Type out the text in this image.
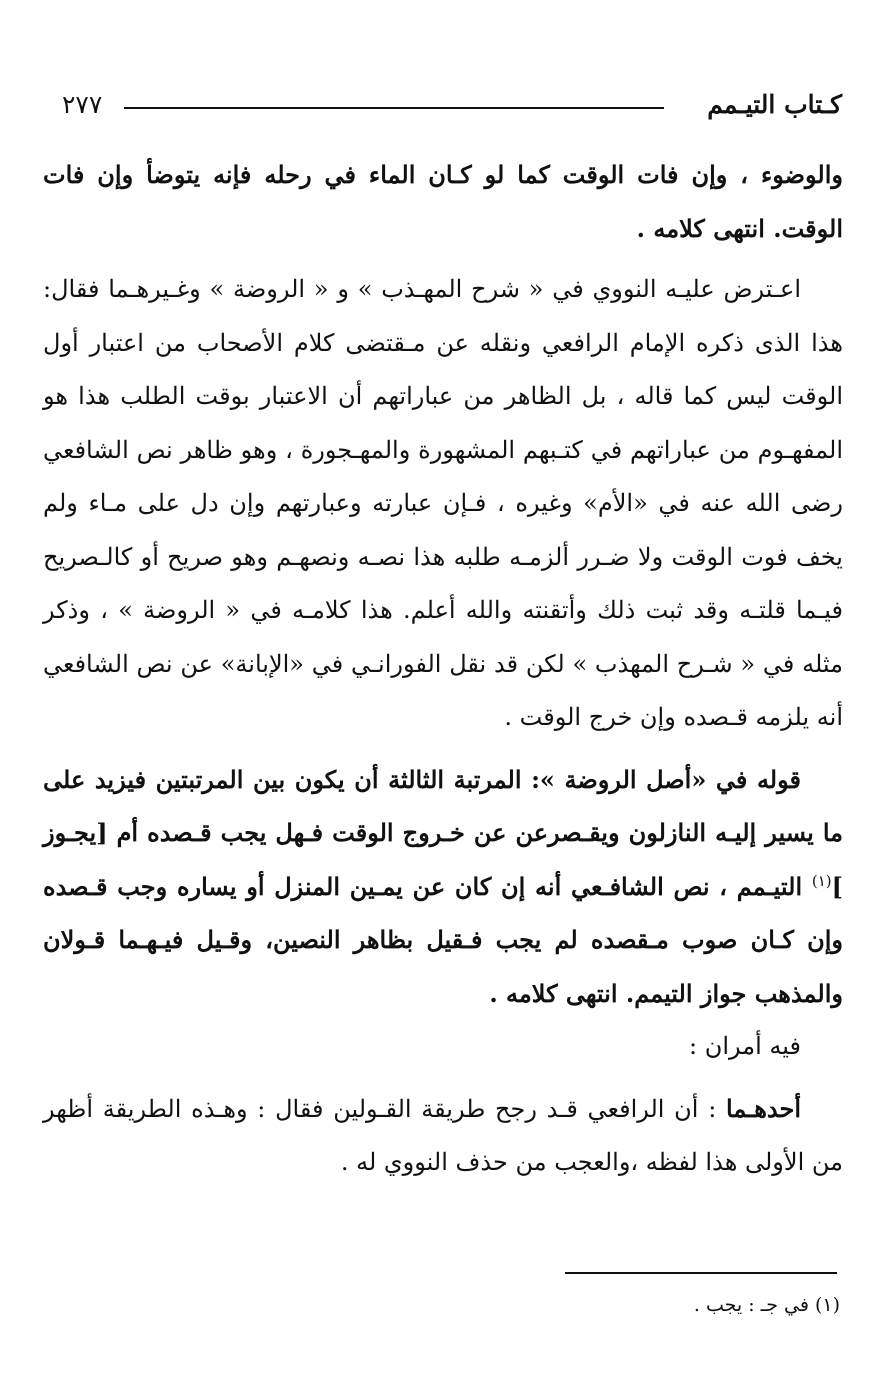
كـتاب التيـمم
٢٧٧

والوضوء ، وإن فات الوقت كما لو كـان الماء في رحله فإنه يتوضأ وإن فات الوقت. انتهى كلامه .

اعـترض عليـه النووي في « شرح المهـذب » و « الروضة » وغـيرهـما فقال: هذا الذى ذكره الإمام الرافعي ونقله عن مـقتضى كلام الأصحاب من اعتبار أول الوقت ليس كما قاله ، بل الظاهر من عباراتهم أن الاعتبار بوقت الطلب هذا هو المفهـوم من عباراتهم في كتـبهم المشهورة والمهـجورة ، وهو ظاهر نص الشافعي رضى الله عنه في «الأم» وغيره ، فـإن عبارته وعبارتهم وإن دل على مـاء ولم يخف فوت الوقت ولا ضـرر ألزمـه طلبه هذا نصـه ونصهـم وهو صريح أو كالـصريح فيـما قلتـه وقد ثبت ذلك وأتقنته والله أعلم. هذا كلامـه في « الروضة » ، وذكر مثله في « شـرح المهذب » لكن قد نقل الفورانـي في «الإبانة» عن نص الشافعي أنه يلزمه قـصده وإن خرج الوقت .

قوله في «أصل الروضة »: المرتبة الثالثة أن يكون بين المرتبتين فيزيد على ما يسير إليـه النازلون ويقـصرعن عن خـروج الوقت فـهل يجب قـصده أم [يجـوز ]$^{(١)}$ التيـمم ، نص الشافـعي أنه إن كان عن يمـين المنزل أو يساره وجب قـصده وإن كـان صوب مـقصده لم يجب فـقيل بظاهر النصين، وقـيل فيـهـما قـولان والمذهب جواز التيمم. انتهى كلامه .

فيه أمران :

أحدهـما : أن الرافعي قـد رجح طريقة القـولين فقال : وهـذه الطريقة أظهر من الأولى هذا لفظه ،والعجب من حذف النووي له .

(١) في جـ : يجب .
